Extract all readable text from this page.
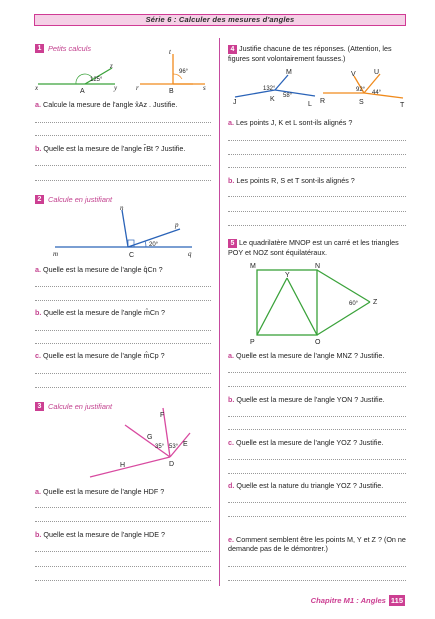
Série 6 : Calculer des mesures d'angles
1 Petits calculs
x
z
y
A
125°
t
r	B	s
96°
a. Calcule la mesure de l'angle x̂Az . Justifie.
b. Quelle est la mesure de l'angle r̂Bt ? Justifie.
2 Calcule en justifiant
n
p
m	C	q
20°
a. Quelle est la mesure de l'angle q̂Cn ?
b. Quelle est la mesure de l'angle m̂Cn ?
c. Quelle est la mesure de l'angle m̂Cp ?
3 Calcule en justifiant
F
G
E
H	D
35° 53°
a. Quelle est la mesure de l'angle HDF ?
b. Quelle est la mesure de l'angle HDE ?
4 Justifie chacune de tes réponses. (Attention, les figures sont volontairement fausses.)
M
J	K
L
132°
58°
V	U
R	S	T
92° 44°
a. Les points J, K et L sont-ils alignés ?
b. Les points R, S et T sont-ils alignés ?
5 Le quadrilatère MNOP est un carré et les triangles POY et NOZ sont équilatéraux.
M	N
Y
Z
P	O
60°
a. Quelle est la mesure de l'angle MNZ ? Justifie.
b. Quelle est la mesure de l'angle YON ? Justifie.
c. Quelle est la mesure de l'angle YOZ ? Justifie.
d. Quelle est la nature du triangle YOZ ? Justifie.
e. Comment semblent être les points M, Y et Z ? (On ne demande pas de le démontrer.)
Chapitre M1 : Angles 115
